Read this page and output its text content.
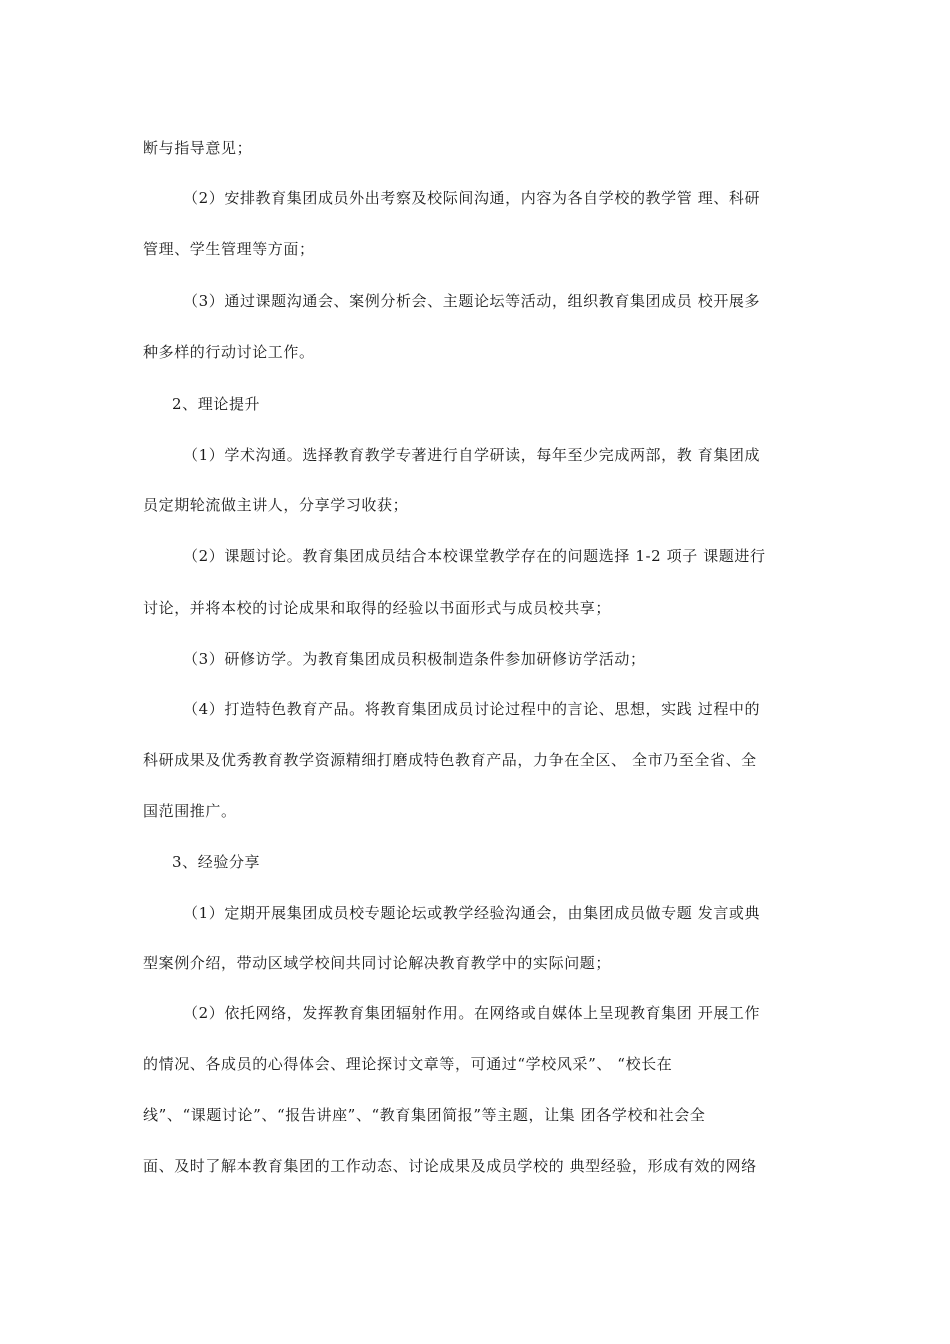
断与指导意见；
（2）安排教育集团成员外出考察及校际间沟通，内容为各自学校的教学管 理、科研
管理、学生管理等方面；
（3）通过课题沟通会、案例分析会、主题论坛等活动，组织教育集团成员 校开展多
种多样的行动讨论工作。
2、理论提升
（1）学术沟通。选择教育教学专著进行自学研读，每年至少完成两部，教 育集团成
员定期轮流做主讲人，分享学习收获；
（2）课题讨论。教育集团成员结合本校课堂教学存在的问题选择 1-2 项子 课题进行
讨论，并将本校的讨论成果和取得的经验以书面形式与成员校共享；
（3）研修访学。为教育集团成员积极制造条件参加研修访学活动；
（4）打造特色教育产品。将教育集团成员讨论过程中的言论、思想，实践 过程中的
科研成果及优秀教育教学资源精细打磨成特色教育产品，力争在全区、 全市乃至全省、全
国范围推广。
3、经验分享
（1）定期开展集团成员校专题论坛或教学经验沟通会，由集团成员做专题 发言或典
型案例介绍，带动区域学校间共同讨论解决教育教学中的实际问题；
（2）依托网络，发挥教育集团辐射作用。在网络或自媒体上呈现教育集团 开展工作
的情况、各成员的心得体会、理论探讨文章等，可通过“学校风采”、 “校长在
线”、“课题讨论”、“报告讲座”、“教育集团简报”等主题，让集 团各学校和社会全
面、及时了解本教育集团的工作动态、讨论成果及成员学校的 典型经验，形成有效的网络
